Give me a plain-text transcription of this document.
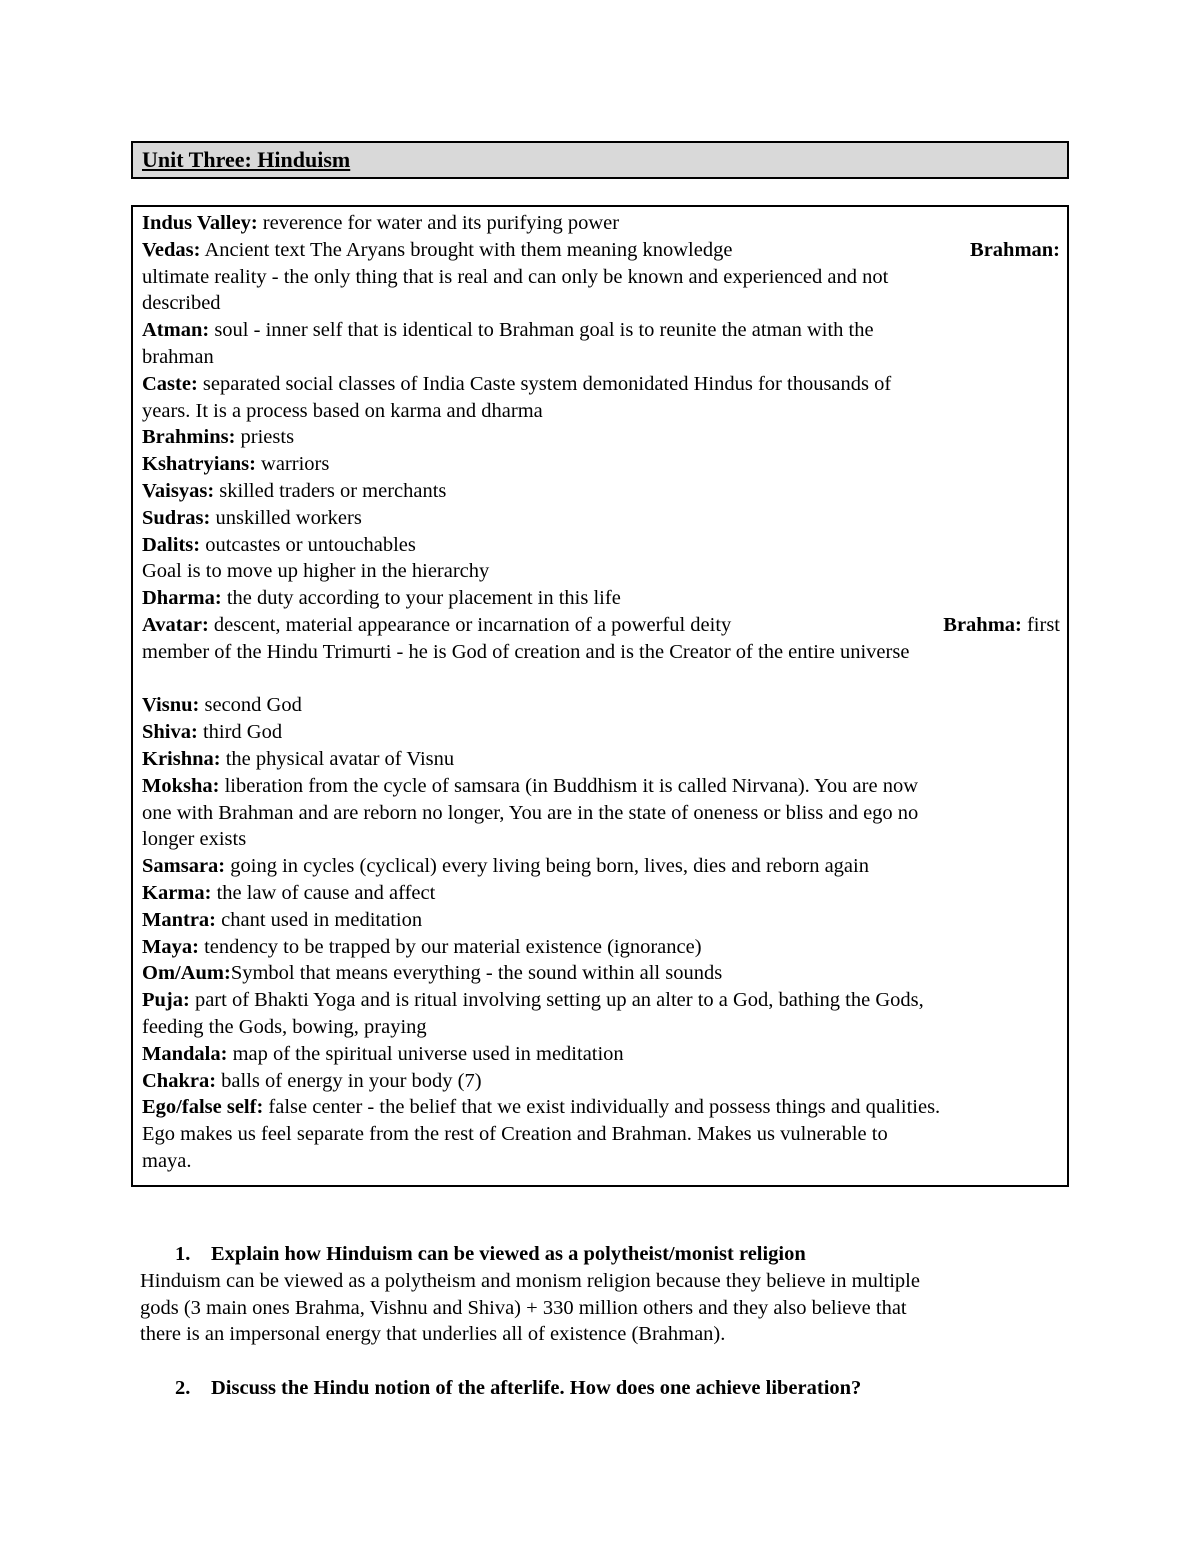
Unit Three: Hinduism
Indus Valley: reverence for water and its purifying power
Vedas: Ancient text The Aryans brought with them meaning knowledge	Brahman:
ultimate reality - the only thing that is real and can only be known and experienced and not
described
Atman: soul - inner self that is identical to Brahman goal is to reunite the atman with the
brahman
Caste: separated social classes of India Caste system demonidated Hindus for thousands of
years. It is a process based on karma and dharma
Brahmins: priests
Kshatryians: warriors
Vaisyas: skilled traders or merchants
Sudras: unskilled workers
Dalits: outcastes or untouchables
Goal is to move up higher in the hierarchy
Dharma: the duty according to your placement in this life
Avatar: descent, material appearance or incarnation of a powerful deity	Brahma: first
member of the Hindu Trimurti - he is God of creation and is the Creator of the entire universe

Visnu: second God
Shiva: third God
Krishna: the physical avatar of Visnu
Moksha: liberation from the cycle of samsara (in Buddhism it is called Nirvana). You are now
one with Brahman and are reborn no longer, You are in the state of oneness or bliss and ego no
longer exists
Samsara: going in cycles (cyclical) every living being born, lives, dies and reborn again
Karma: the law of cause and affect
Mantra: chant used in meditation
Maya: tendency to be trapped by our material existence (ignorance)
Om/Aum:Symbol that means everything - the sound within all sounds
Puja: part of Bhakti Yoga and is ritual involving setting up an alter to a God, bathing the Gods,
feeding the Gods, bowing, praying
Mandala: map of the spiritual universe used in meditation
Chakra: balls of energy in your body (7)
Ego/false self: false center - the belief that we exist individually and possess things and qualities.
Ego makes us feel separate from the rest of Creation and Brahman. Makes us vulnerable to
maya.
1. Explain how Hinduism can be viewed as a polytheist/monist religion
Hinduism can be viewed as a polytheism and monism religion because they believe in multiple
gods (3 main ones Brahma, Vishnu and Shiva) + 330 million others and they also believe that
there is an impersonal energy that underlies all of existence (Brahman).
2. Discuss the Hindu notion of the afterlife. How does one achieve liberation?
